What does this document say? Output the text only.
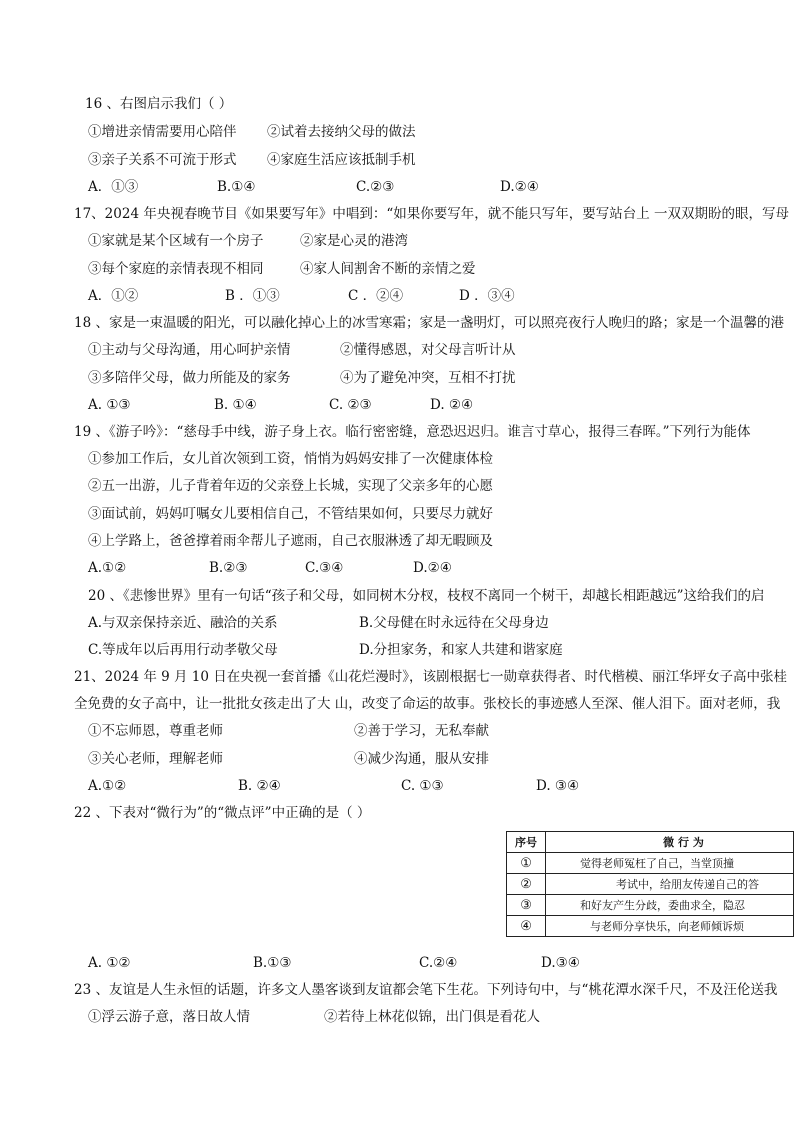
16 、右图启示我们（ ）
①增进亲情需要用心陪伴 ②试着去接纳父母的做法
③亲子关系不可流于形式 ④家庭生活应该抵制手机
A．①③	B.①④	C.②③	D.②④
17、2024 年央视春晚节目《如果要写年》中唱到：“如果你要写年，就不能只写年，要写站台上 一双双期盼的眼，写母
①家就是某个区域有一个房子	②家是心灵的港湾
③每个家庭的亲情表现不相同	④家人间割舍不断的亲情之爱
A．①②	B ．①③	C ．②④	D ．③④
18 、家是一束温暖的阳光，可以融化掉心上的冰雪寒霜；家是一盏明灯，可以照亮夜行人晚归的路；家是一个温馨的港
①主动与父母沟通，用心呵护亲情	②懂得感恩，对父母言听计从
③多陪伴父母，做力所能及的家务	④为了避免冲突，互相不打扰
A. ①③	B. ①④	C. ②③	D. ②④
19 、《游子吟》：“慈母手中线，游子身上衣。临行密密缝，意恐迟迟归。谁言寸草心，报得三春晖。”下列行为能体
①参加工作后，女儿首次领到工资，悄悄为妈妈安排了一次健康体检
②五一出游，儿子背着年迈的父亲登上长城，实现了父亲多年的心愿
③面试前，妈妈叮嘱女儿要相信自己，不管结果如何，只要尽力就好
④上学路上，爸爸撑着雨伞帮儿子遮雨，自己衣服淋透了却无暇顾及
A.①②	B.②③	C.③④	D.②④
20 、《悲惨世界》里有一句话“孩子和父母，如同树木分杈，枝杈不离同一个树干，却越长相距越远”这给我们的启
A.与双亲保持亲近、融洽的关系	B.父母健在时永远待在父母身边
C.等成年以后再用行动孝敬父母	D.分担家务，和家人共建和谐家庭
21、2024 年 9 月 10 日在央视一套首播《山花烂漫时》，该剧根据七一勋章获得者、时代楷模、丽江华坪女子高中张桂
全免费的女子高中，让一批批女孩走出了大 山，改变了命运的故事。张校长的事迹感人至深、催人泪下。面对老师，我
①不忘师恩，尊重老师	②善于学习，无私奉献
③关心老师，理解老师	④减少沟通，服从安排
A.①②	B. ②④	C. ①③	D. ③④
22 、下表对“微行为”的“微点评”中正确的是（ ）
序号	微 行 为
①	觉得老师冤枉了自己，当堂顶撞
②	考试中，给朋友传递自己的答
③	和好友产生分歧，委曲求全，隐忍
④	与老师分享快乐，向老师倾诉烦
A. ①②	B.①③	C.②④	D.③④
23 、友谊是人生永恒的话题，许多文人墨客谈到友谊都会笔下生花。下列诗句中，与“桃花潭水深千尺，不及汪伦送我
①浮云游子意，落日故人情	②若待上林花似锦，出门俱是看花人
